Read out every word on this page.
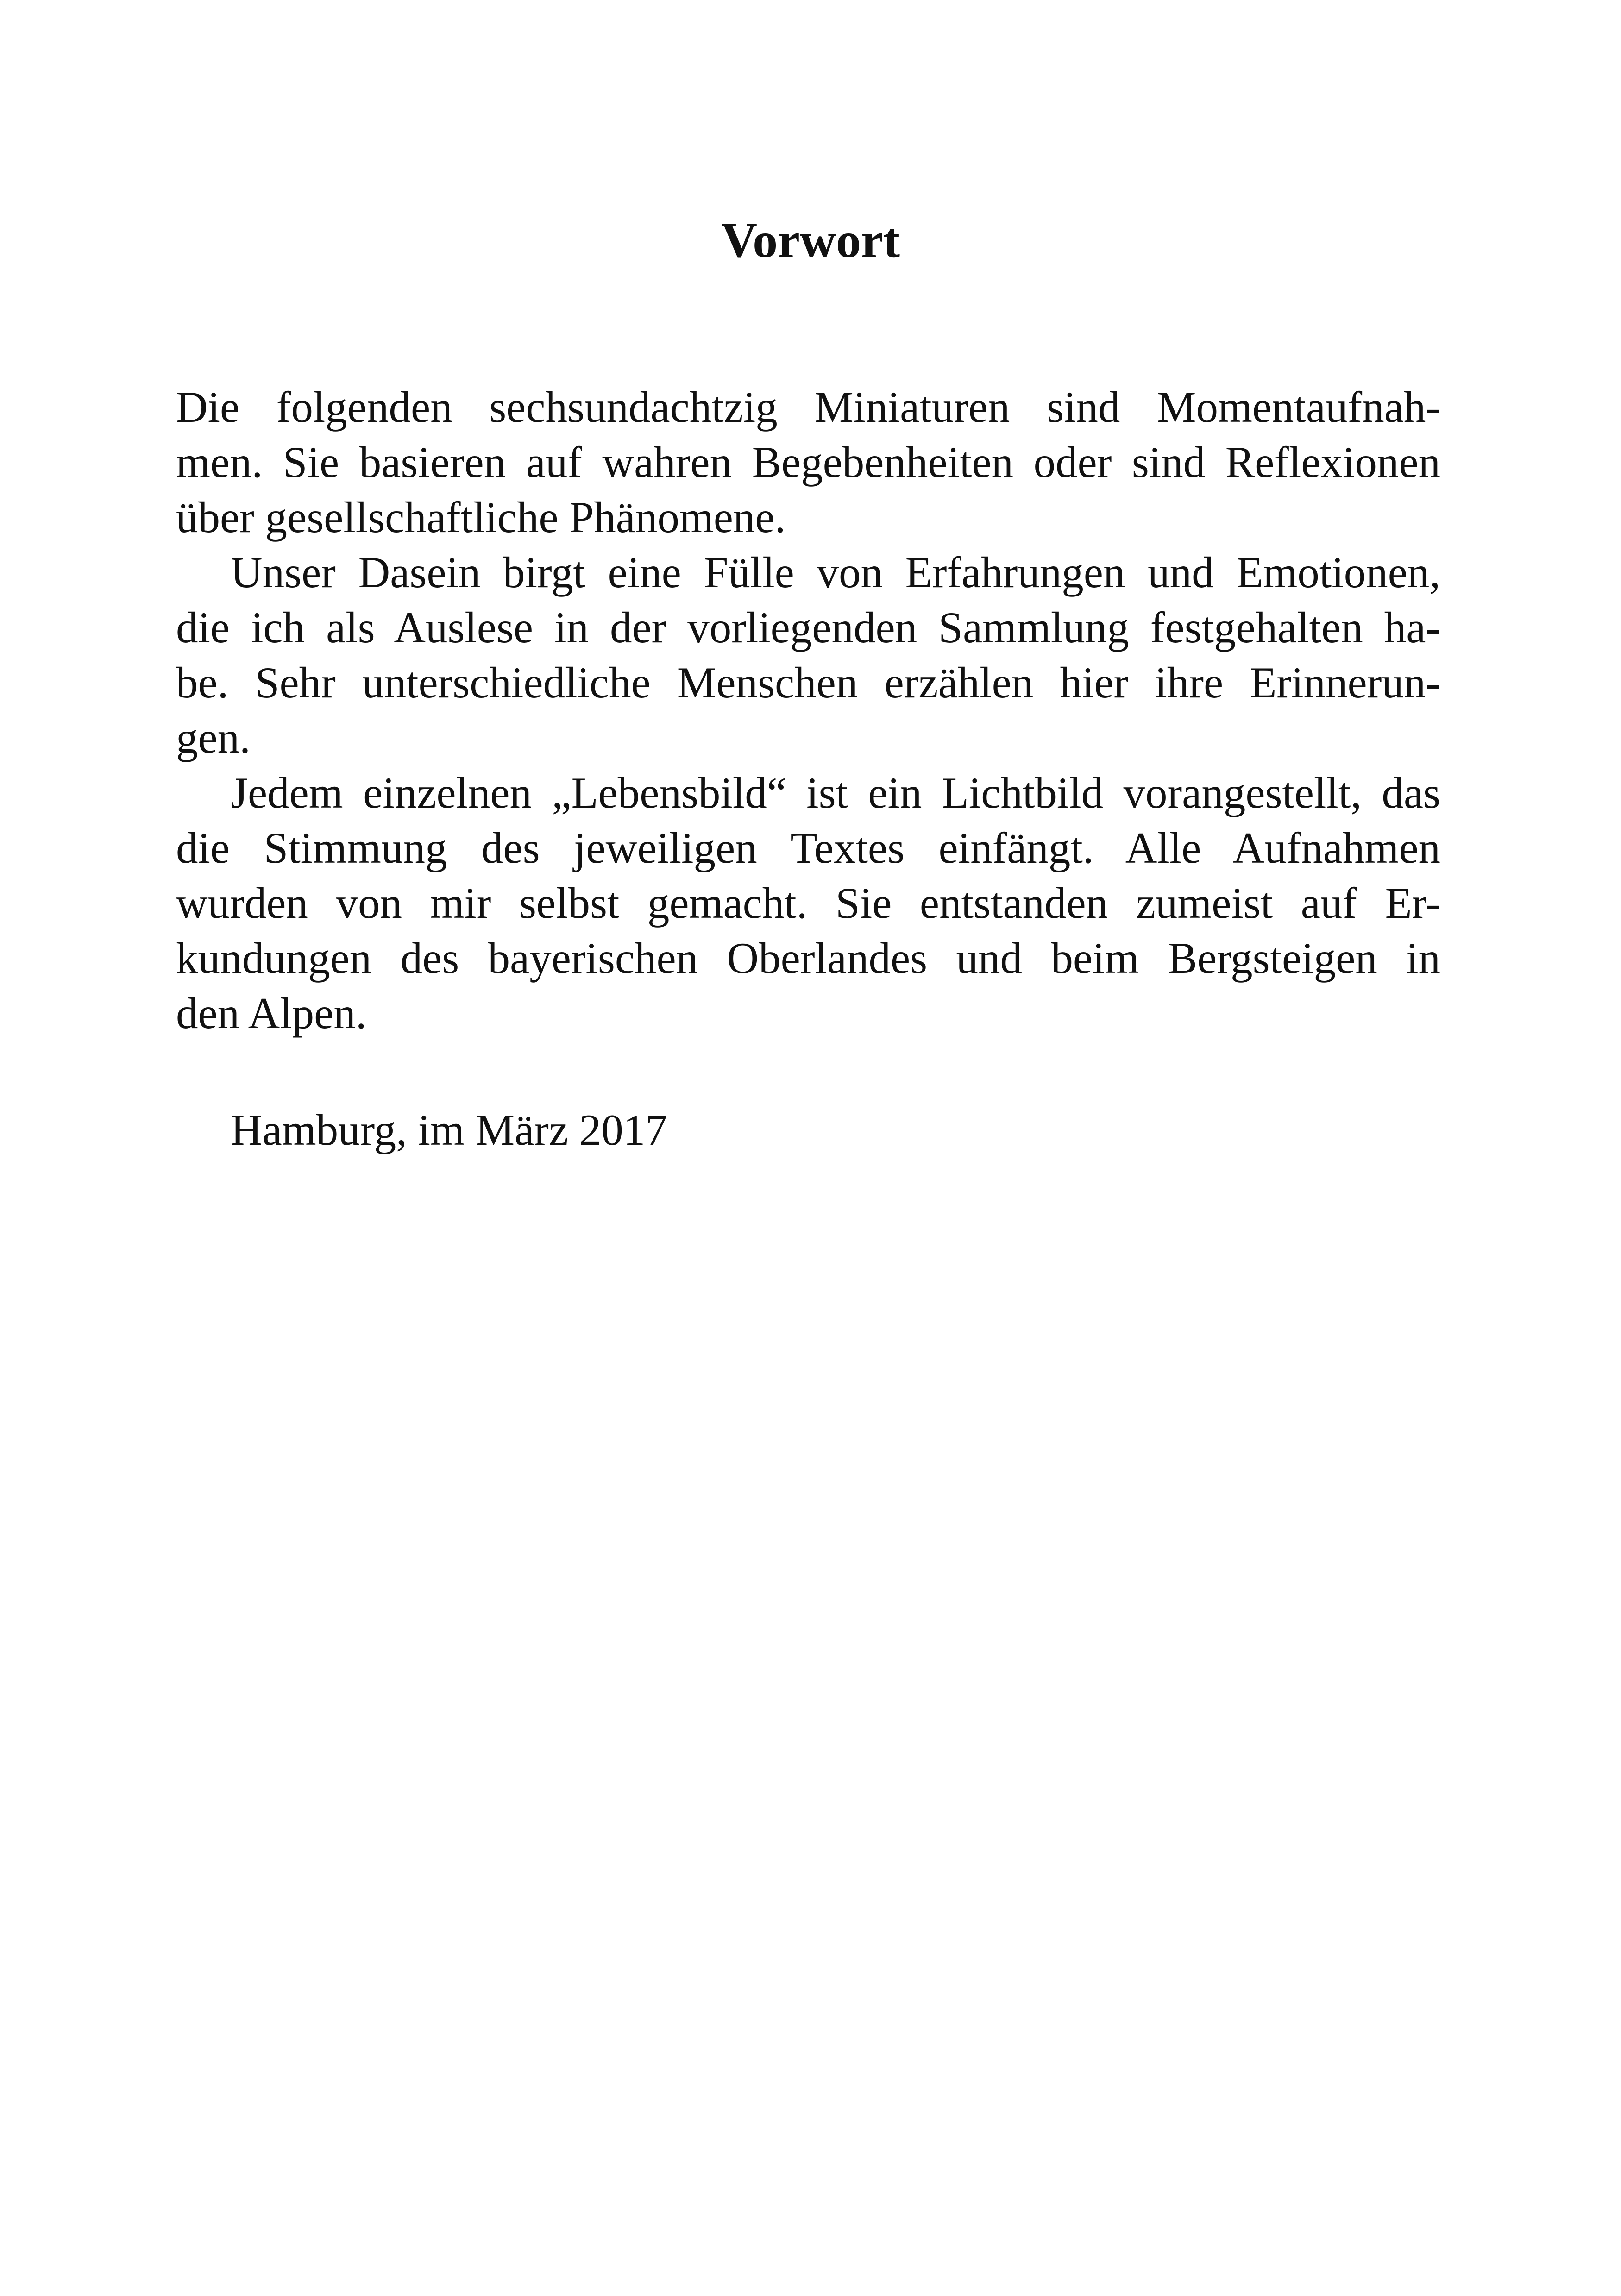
Vorwort
Die folgenden sechsundachtzig Miniaturen sind Momentaufnah-
men. Sie basieren auf wahren Begebenheiten oder sind Reflexionen
über gesellschaftliche Phänomene.
Unser Dasein birgt eine Fülle von Erfahrungen und Emotionen,
die ich als Auslese in der vorliegenden Sammlung festgehalten ha-
be. Sehr unterschiedliche Menschen erzählen hier ihre Erinnerun-
gen.
Jedem einzelnen „Lebensbild“ ist ein Lichtbild vorangestellt, das
die Stimmung des jeweiligen Textes einfängt. Alle Aufnahmen
wurden von mir selbst gemacht. Sie entstanden zumeist auf Er-
kundungen des bayerischen Oberlandes und beim Bergsteigen in
den Alpen.
Hamburg, im März 2017
